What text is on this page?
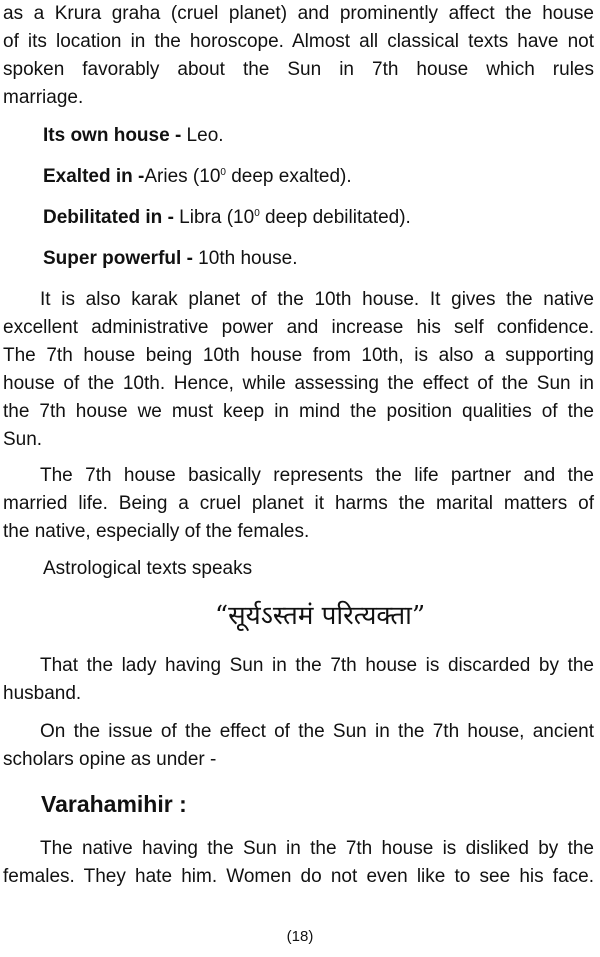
as a Krura graha (cruel planet) and prominently affect the house

of its location in the horoscope. Almost all classical texts have not

spoken favorably about the Sun in 7th house which rules

marriage.

Its own house - Leo.

Exalted in -Aries ($10^0$ deep exalted).

Debilitated in - Libra ($10^0$ deep debilitated).

Super powerful - 10th house.

It is also karak planet of the 10th house. It gives the native

excellent administrative power and increase his self confidence.

The 7th house being 10th house from 10th, is also a supporting

house of the 10th. Hence, while assessing the effect of the Sun in

the 7th house we must keep in mind the position qualities of the

Sun.

The 7th house basically represents the life partner and the

married life. Being a cruel planet it harms the marital matters of

the native, especially of the females.

Astrological texts speaks

“सूर्यऽस्तमं परित्यक्ता”

That the lady having Sun in the 7th house is discarded by the

husband.

On the issue of the effect of the Sun in the 7th house, ancient

scholars opine as under -

Varahamihir :

The native having the Sun in the 7th house is disliked by the

females. They hate him. Women do not even like to see his face.

(18)
